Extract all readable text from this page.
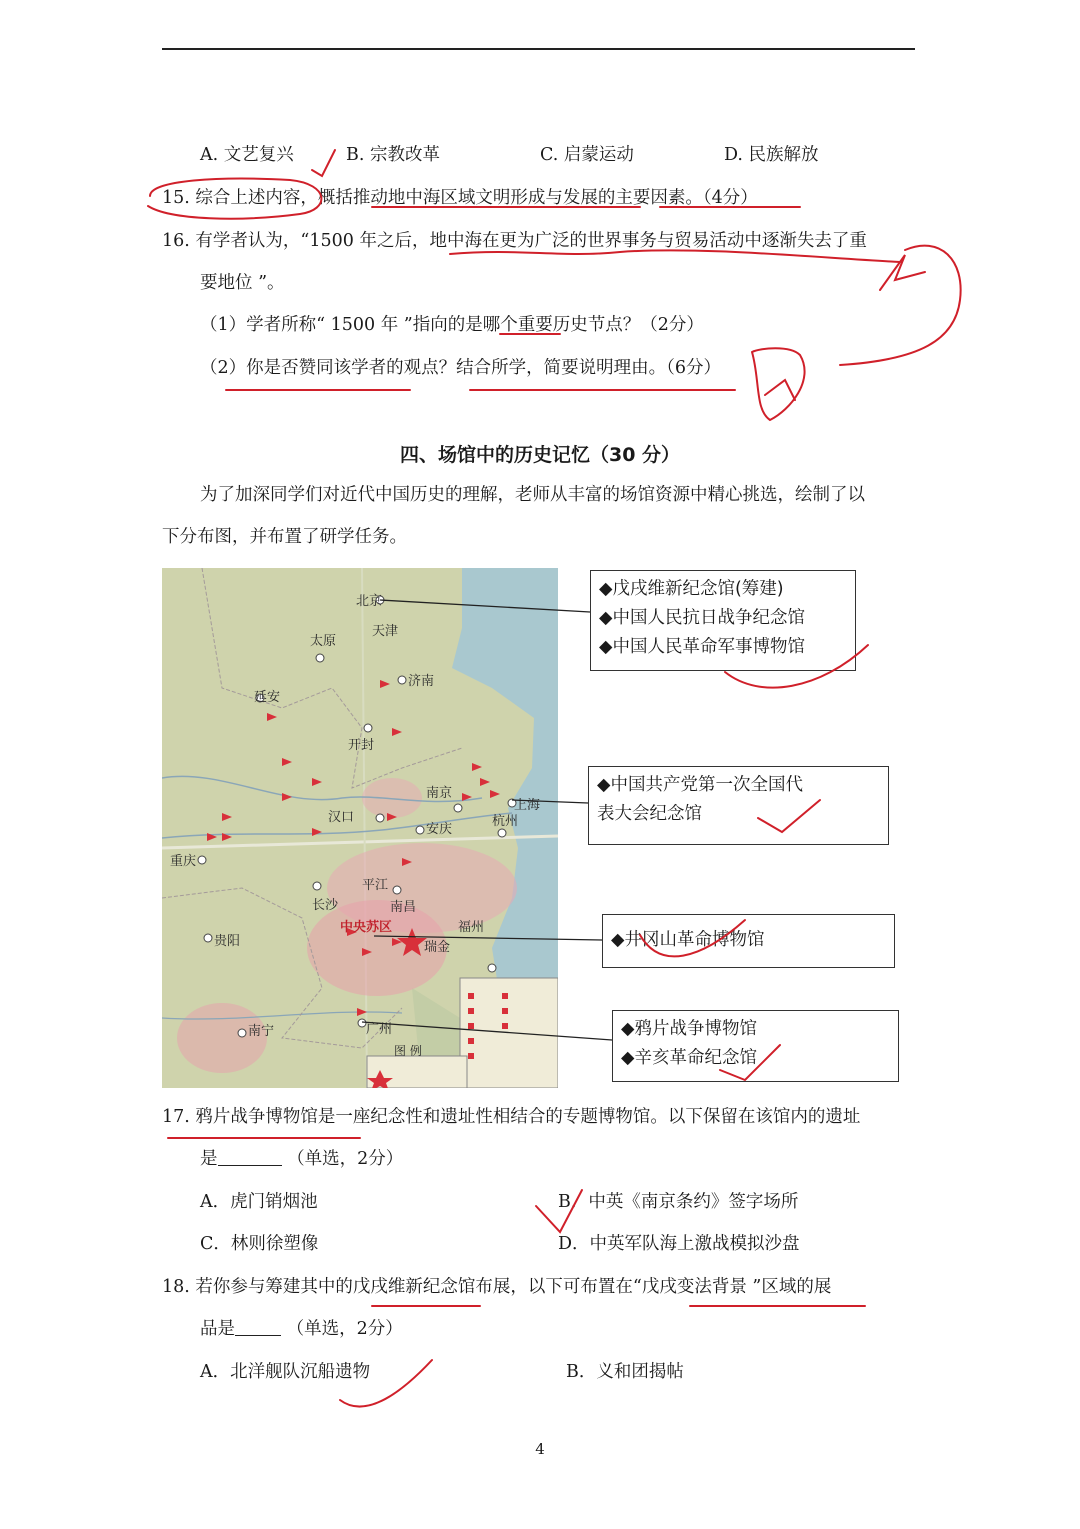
A. 文艺复兴	B. 宗教改革	C. 启蒙运动	D. 民族解放
15. 综合上述内容，概括推动地中海区域文明形成与发展的主要因素。（4分）
16. 有学者认为，“1500 年之后，地中海在更为广泛的世界事务与贸易活动中逐渐失去了重
要地位 ”。
（1）学者所称“ 1500 年 ”指向的是哪个重要历史节点？（2分）
（2）你是否赞同该学者的观点？结合所学，简要说明理由。（6分）
四、场馆中的历史记忆（30 分）
为了加深同学们对近代中国历史的理解，老师从丰富的场馆资源中精心挑选，绘制了以
下分布图，并布置了研学任务。
北京
天津
太原
济南
延安
开封
南京
上海
汉口
安庆
杭州
重庆
长沙
平江
南昌
贵阳	瑞金
福州
南宁	广州
中央苏区
图 例
◆戊戌维新纪念馆(筹建)
◆中国人民抗日战争纪念馆
◆中国人民革命军事博物馆
◆中国共产党第一次全国代
表大会纪念馆
◆井冈山革命博物馆
◆鸦片战争博物馆
◆辛亥革命纪念馆
17. 鸦片战争博物馆是一座纪念性和遗址性相结合的专题博物馆。以下保留在该馆内的遗址
是	（单选，2分）
A．虎门销烟池	B．中英《南京条约》签字场所
C．林则徐塑像	D．中英军队海上激战模拟沙盘
18. 若你参与筹建其中的戊戌维新纪念馆布展，以下可布置在“戊戌变法背景 ”区域的展
品是	（单选，2分）
A．北洋舰队沉船遗物	B．义和团揭帖
4
